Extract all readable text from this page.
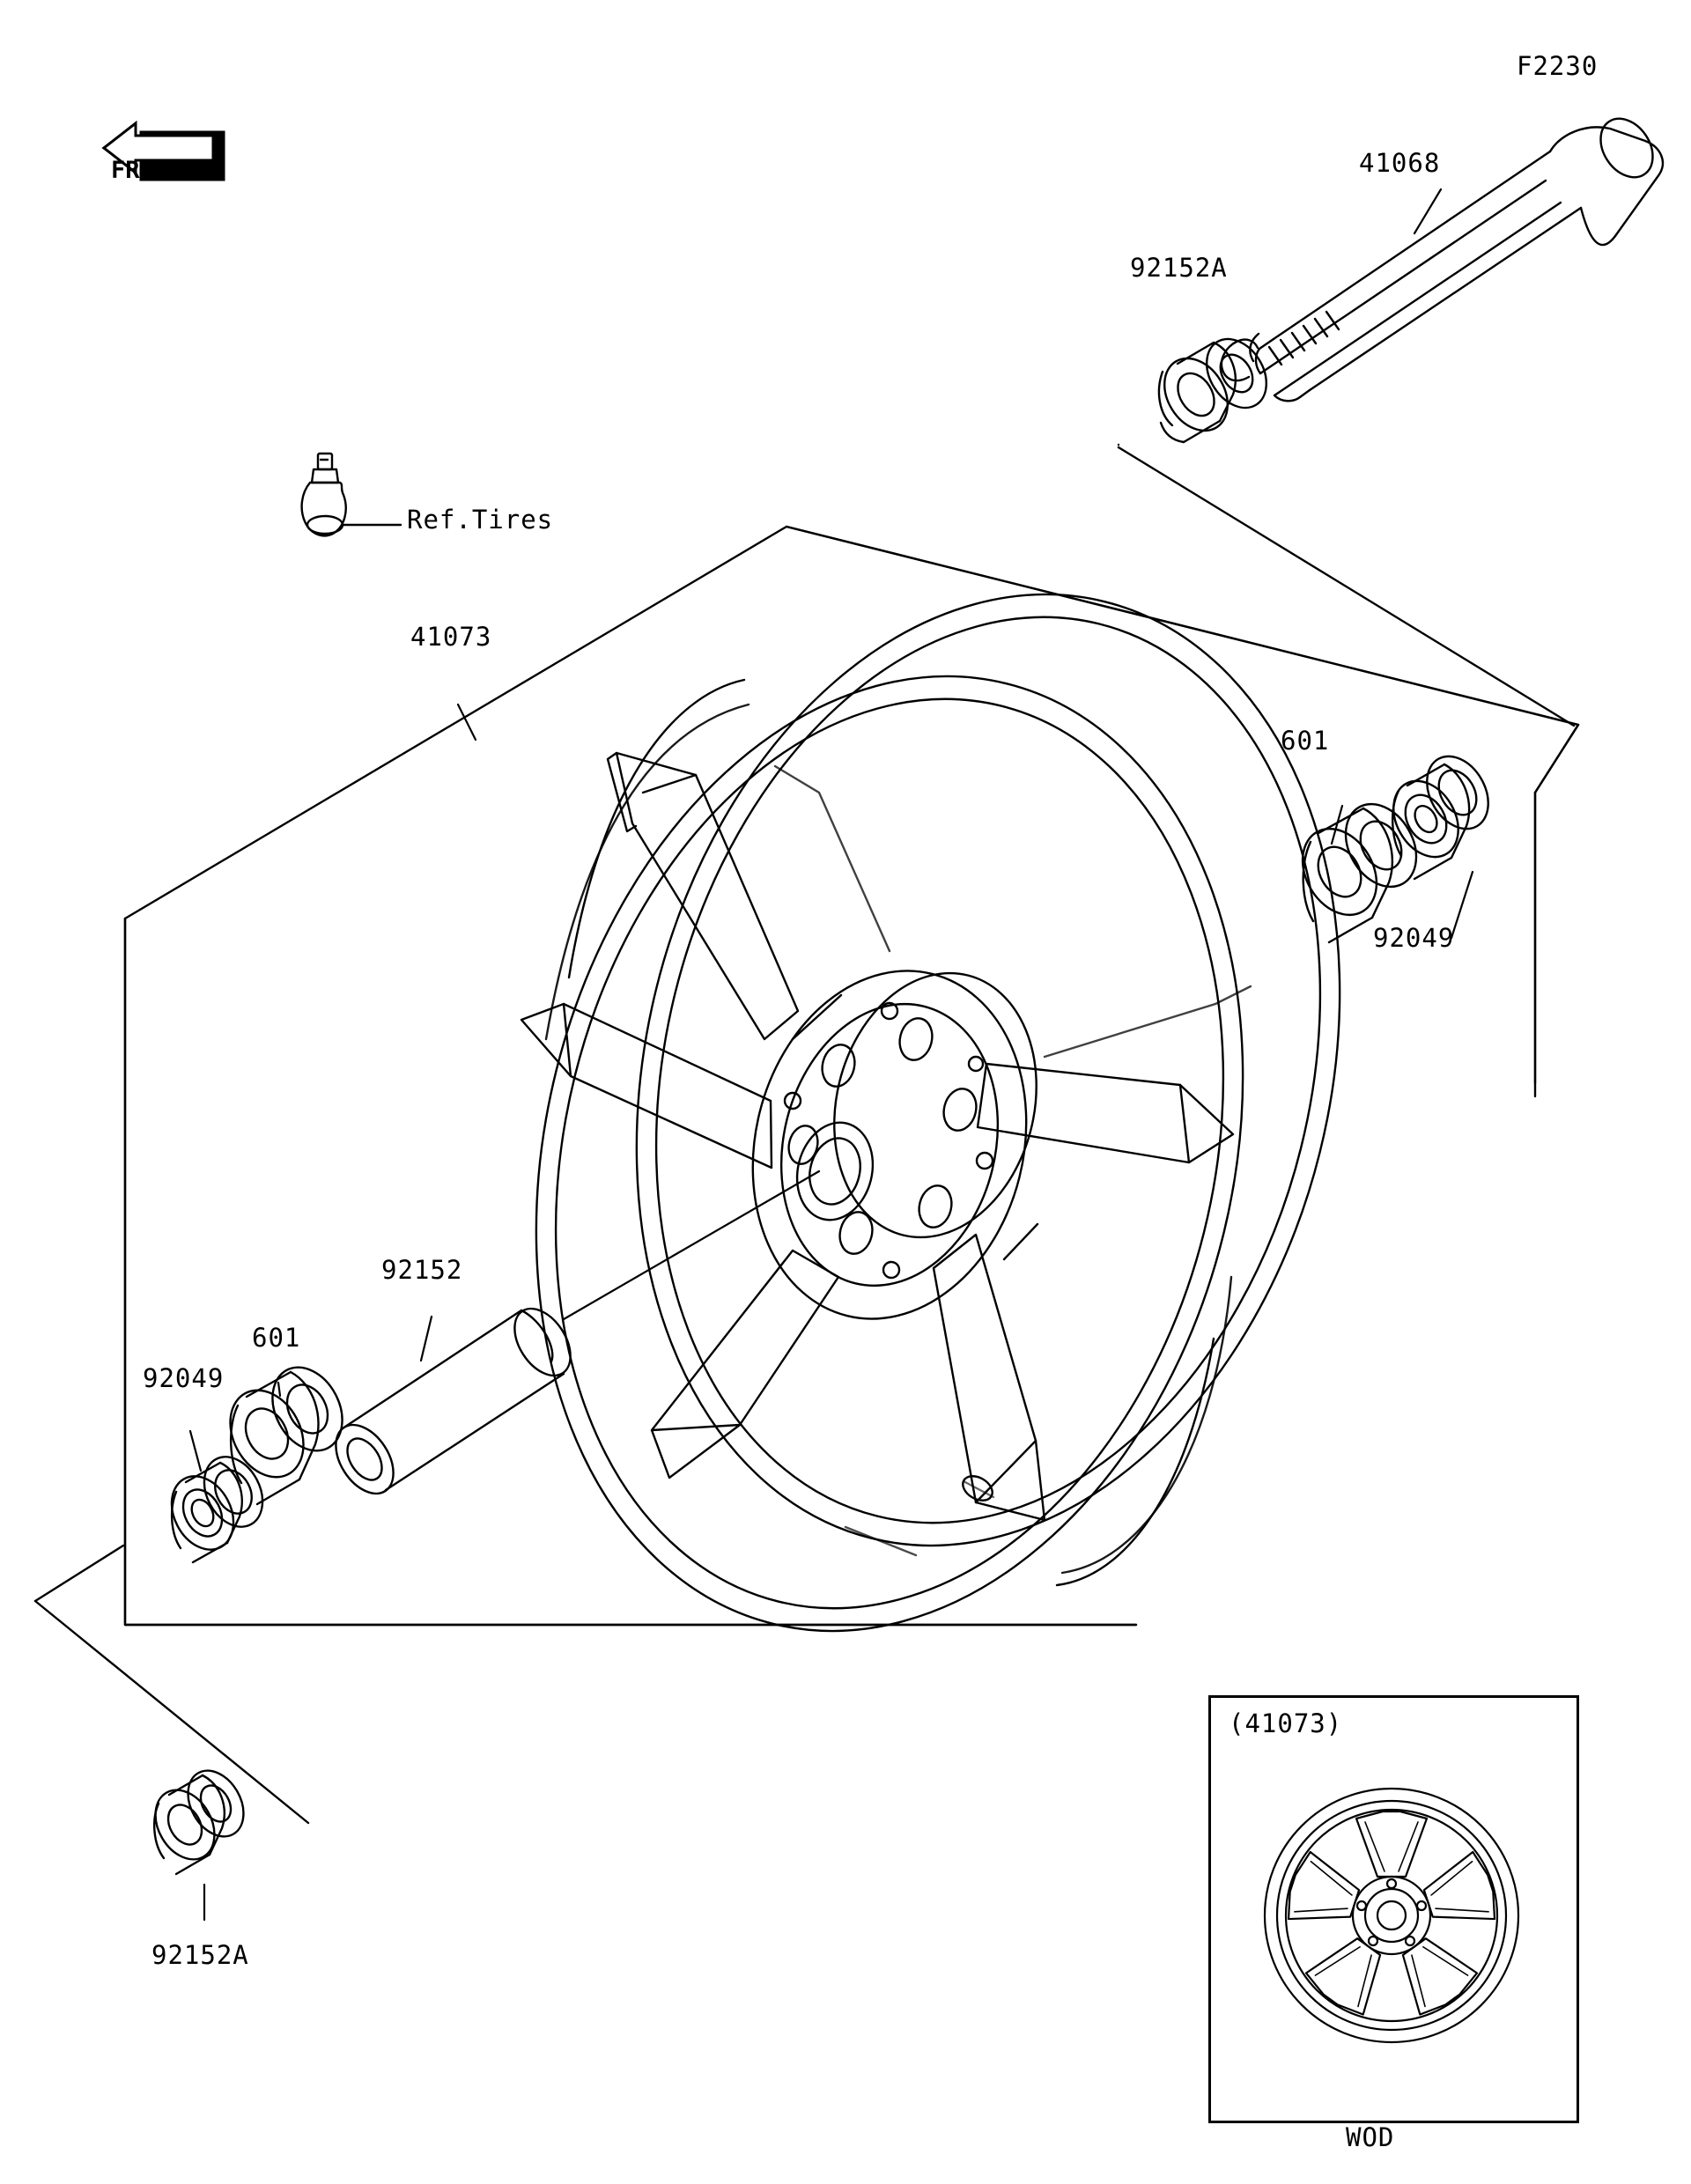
FRONT
F2230
41068
92152A
41073
601
92049
92152
601
92049
92152A
Ref.Tires
(41073)
WOD
